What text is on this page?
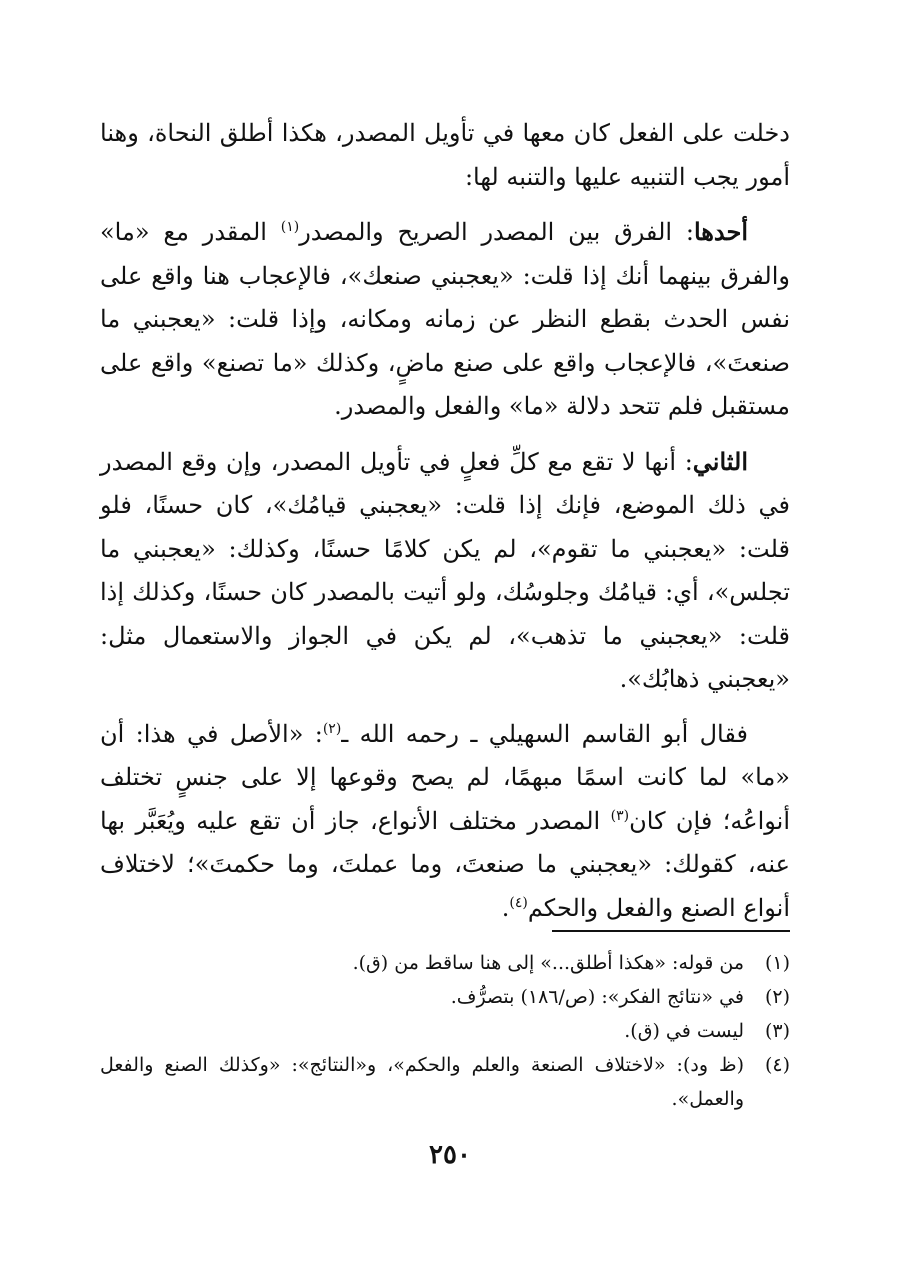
دخلت على الفعل كان معها في تأويل المصدر، هكذا أطلق النحاة، وهنا أمور يجب التنبيه عليها والتنبه لها:

أحدها: الفرق بين المصدر الصريح والمصدر$^{(١)}$ المقدر مع «ما» والفرق بينهما أنك إذا قلت: «يعجبني صنعك»، فالإعجاب هنا واقع على نفس الحدث بقطع النظر عن زمانه ومكانه، وإذا قلت: «يعجبني ما صنعتَ»، فالإعجاب واقع على صنع ماضٍ، وكذلك «ما تصنع» واقع على مستقبل فلم تتحد دلالة «ما» والفعل والمصدر.

الثاني: أنها لا تقع مع كلِّ فعلٍ في تأويل المصدر، وإن وقع المصدر في ذلك الموضع، فإنك إذا قلت: «يعجبني قيامُك»، كان حسنًا، فلو قلت: «يعجبني ما تقوم»، لم يكن كلامًا حسنًا، وكذلك: «يعجبني ما تجلس»، أي: قيامُك وجلوسُك، ولو أتيت بالمصدر كان حسنًا، وكذلك إذا قلت: «يعجبني ما تذهب»، لم يكن في الجواز والاستعمال مثل: «يعجبني ذهابُك».

فقال أبو القاسم السهيلي ـ رحمه الله ـ$^{(٢)}$: «الأصل في هذا: أن «ما» لما كانت اسمًا مبهمًا، لم يصح وقوعها إلا على جنسٍ تختلف أنواعُه؛ فإن كان$^{(٣)}$ المصدر مختلف الأنواع، جاز أن تقع عليه ويُعَبَّر بها عنه، كقولك: «يعجبني ما صنعتَ، وما عملتَ، وما حكمتَ»؛ لاختلاف أنواع الصنع والفعل والحكم$^{(٤)}$.

(١)
من قوله: «هكذا أطلق...» إلى هنا ساقط من (ق).
(٢)
في «نتائج الفكر»: (ص/١٨٦) بتصرُّف.
(٣)
ليست في (ق).
(٤)
(ظ ود): «لاختلاف الصنعة والعلم والحكم»، و«النتائج»: «وكذلك الصنع والفعل والعمل».
٢٥٠
